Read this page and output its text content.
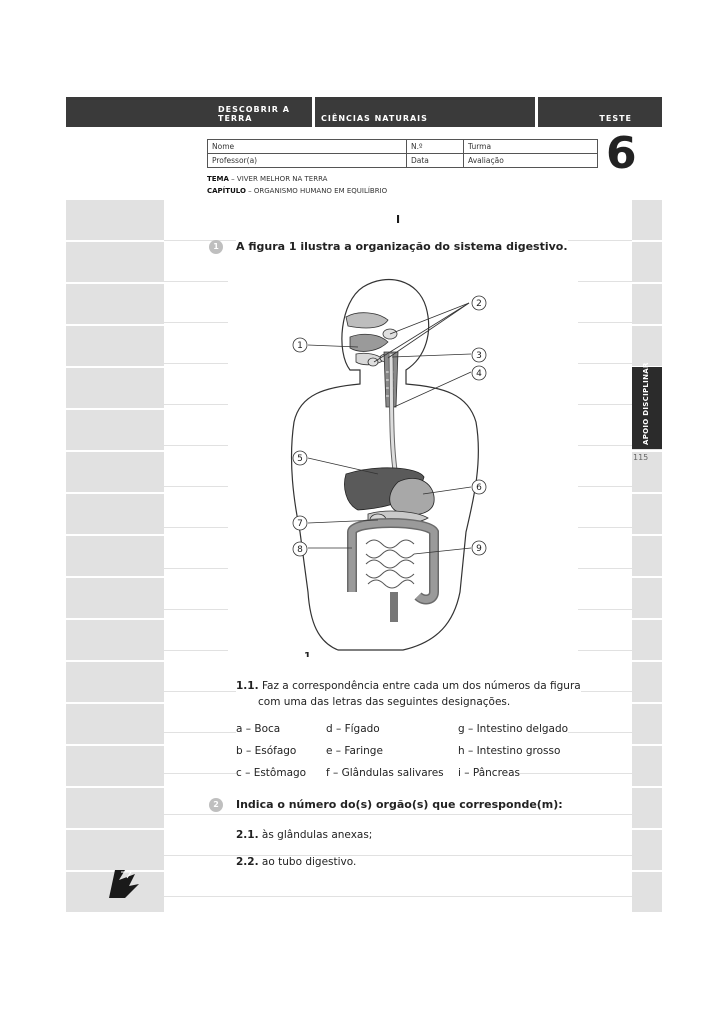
DESCOBRIR A TERRA	CIÊNCIAS NATURAIS	TESTE
Nome	N.º	Turma
Professor(a)	Data	Avaliação 6
TEMA – VIVER MELHOR NA TERRA
CAPÍTULO – ORGANISMO HUMANO EM EQUILÍBRIO
APOIO DISCIPLINAR
115
I
1	A figura 1 ilustra a organização do sistema digestivo.
2
1
3
4
5
6
7
8	9
1.
1.1. Faz a correspondência entre cada um dos números da figura
com uma das letras das seguintes designações.
a – Boca	d – Fígado	g – Intestino delgado
b – Esófago	e – Faringe	h – Intestino grosso
c – Estômago	f – Glândulas salivares	i – Pâncreas
2	Indica o número do(s) orgão(s) que corresponde(m):
2.1. às glândulas anexas;
2.2. ao tubo digestivo.
